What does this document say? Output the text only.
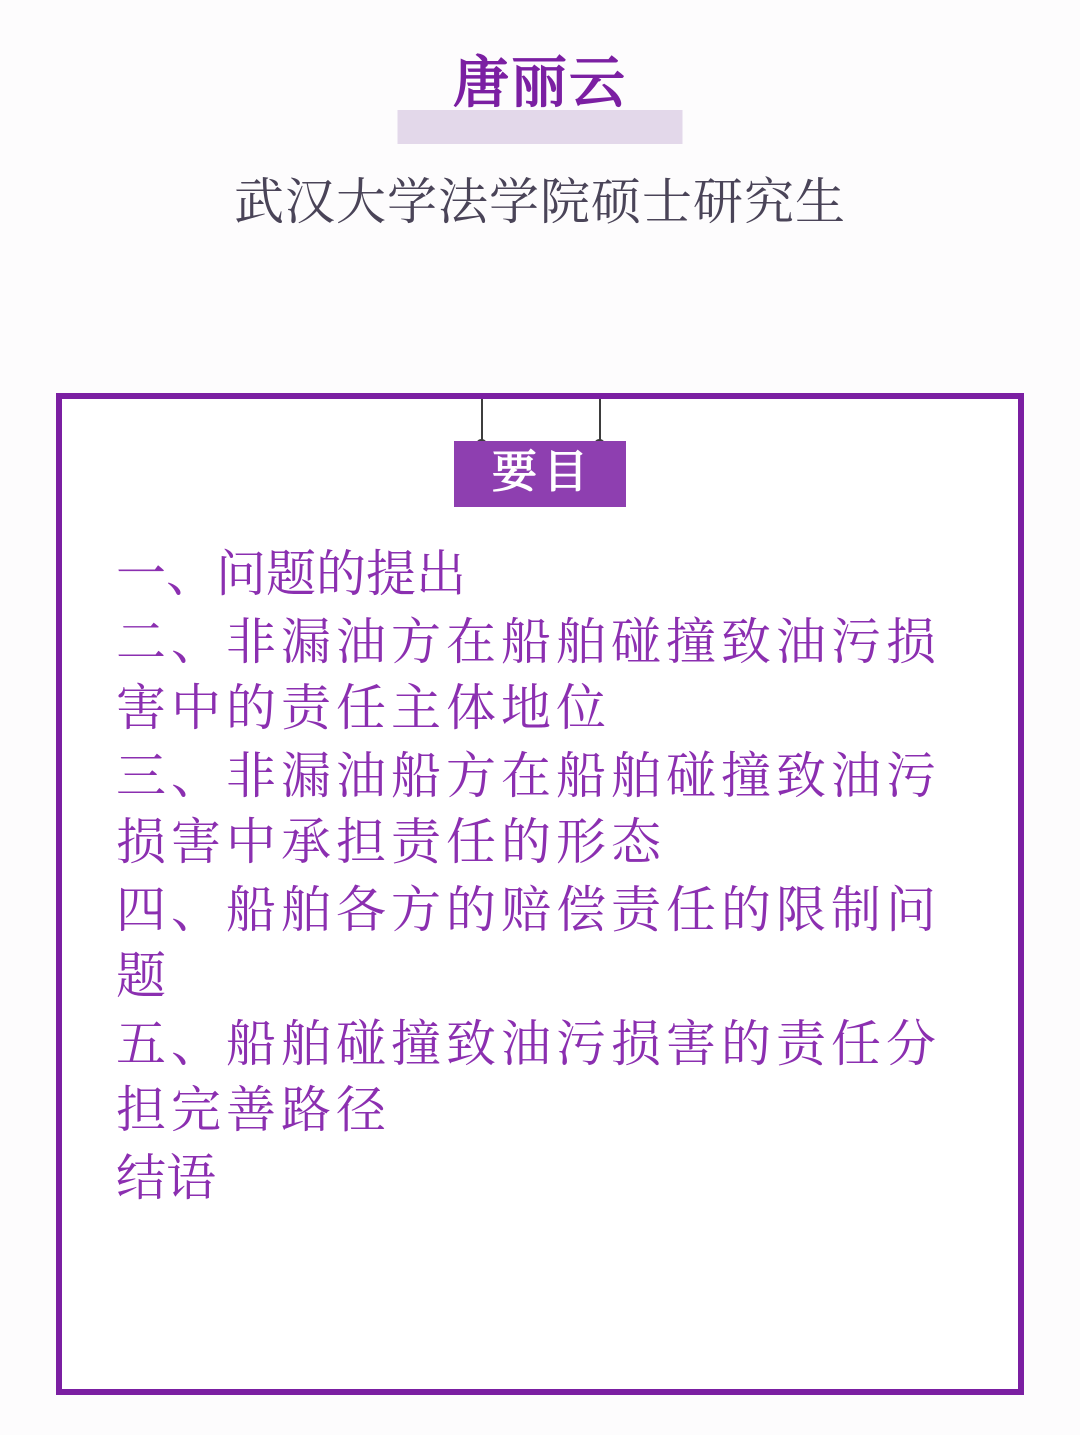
唐丽云
武汉大学法学院硕士研究生
要目
一、问题的提出
二、非漏油方在船舶碰撞致油污损害中的责任主体地位
三、非漏油船方在船舶碰撞致油污损害中承担责任的形态
四、船舶各方的赔偿责任的限制问题
五、船舶碰撞致油污损害的责任分担完善路径
结语
